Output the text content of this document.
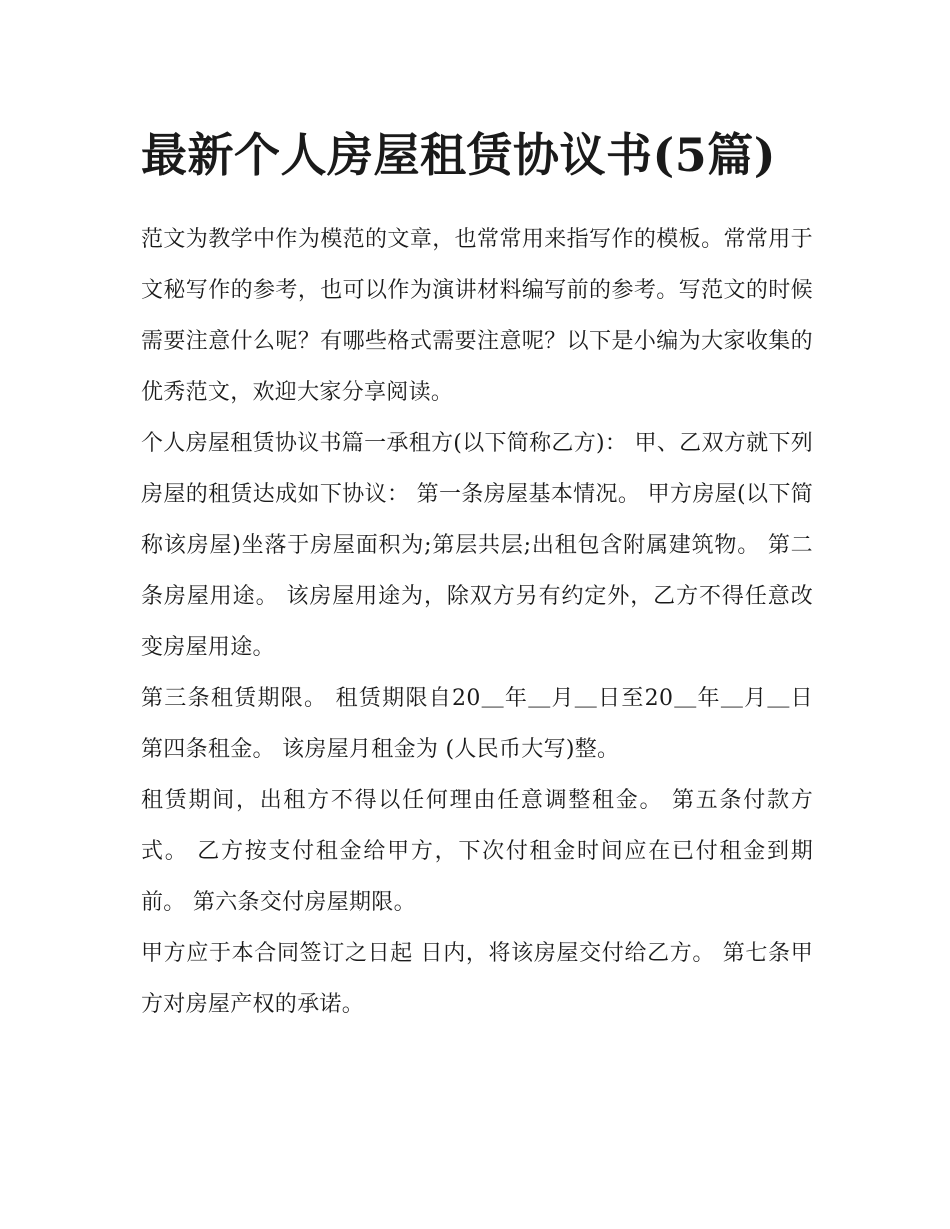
最新个人房屋租赁协议书(5篇)

范文为教学中作为模范的文章，也常常用来指写作的模板。常常用于文秘写作的参考，也可以作为演讲材料编写前的参考。写范文的时候需要注意什么呢？有哪些格式需要注意呢？以下是小编为大家收集的优秀范文，欢迎大家分享阅读。

个人房屋租赁协议书篇一承租方(以下简称乙方)： 甲、乙双方就下列房屋的租赁达成如下协议： 第一条房屋基本情况。 甲方房屋(以下简称该房屋)坐落于房屋面积为;第层共层;出租包含附属建筑物。 第二条房屋用途。 该房屋用途为，除双方另有约定外，乙方不得任意改变房屋用途。

第三条租赁期限。 租赁期限自20＿年＿月＿日至20＿年＿月＿日 第四条租金。 该房屋月租金为 (人民币大写)整。

租赁期间，出租方不得以任何理由任意调整租金。 第五条付款方式。 乙方按支付租金给甲方，下次付租金时间应在已付租金到期前。 第六条交付房屋期限。

甲方应于本合同签订之日起 日内，将该房屋交付给乙方。 第七条甲方对房屋产权的承诺。
